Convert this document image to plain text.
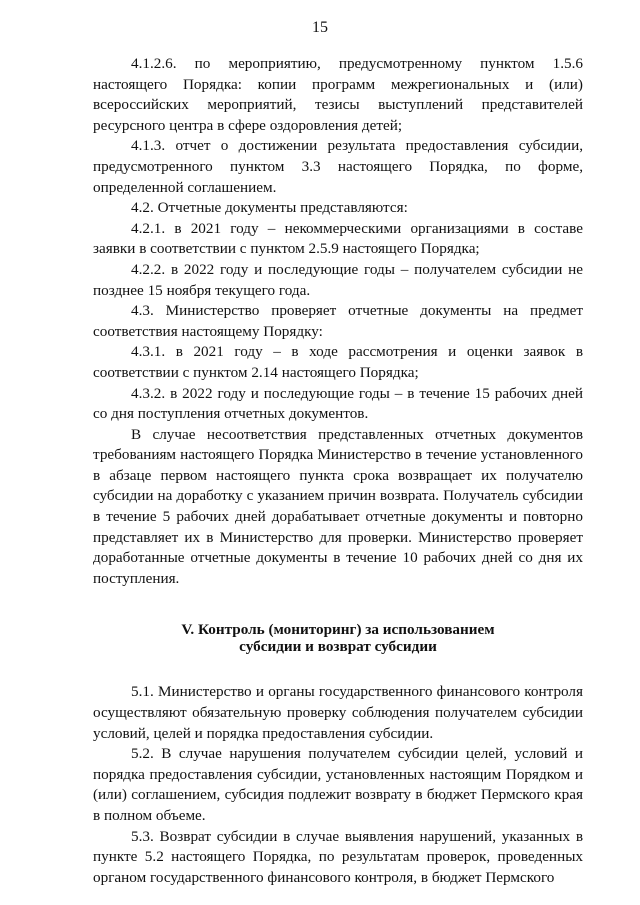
15

4.1.2.6. по мероприятию, предусмотренному пунктом 1.5.6 настоящего Порядка: копии программ межрегиональных и (или) всероссийских мероприятий, тезисы выступлений представителей ресурсного центра в сфере оздоровления детей;

4.1.3. отчет о достижении результата предоставления субсидии, предусмотренного пунктом 3.3 настоящего Порядка, по форме, определенной соглашением.

4.2. Отчетные документы представляются:

4.2.1. в 2021 году – некоммерческими организациями в составе заявки в соответствии с пунктом 2.5.9 настоящего Порядка;

4.2.2. в 2022 году и последующие годы – получателем субсидии не позднее 15 ноября текущего года.

4.3. Министерство проверяет отчетные документы на предмет соответствия настоящему Порядку:

4.3.1. в 2021 году – в ходе рассмотрения и оценки заявок в соответствии с пунктом 2.14 настоящего Порядка;

4.3.2. в 2022 году и последующие годы – в течение 15 рабочих дней со дня поступления отчетных документов.

В случае несоответствия представленных отчетных документов требованиям настоящего Порядка Министерство в течение установленного в абзаце первом настоящего пункта срока возвращает их получателю субсидии на доработку с указанием причин возврата. Получатель субсидии в течение 5 рабочих дней дорабатывает отчетные документы и повторно представляет их в Министерство для проверки. Министерство проверяет доработанные отчетные документы в течение 10 рабочих дней со дня их поступления.

V. Контроль (мониторинг) за использованием

субсидии и возврат субсидии

5.1. Министерство и органы государственного финансового контроля осуществляют обязательную проверку соблюдения получателем субсидии условий, целей и порядка предоставления субсидии.

5.2. В случае нарушения получателем субсидии целей, условий и порядка предоставления субсидии, установленных настоящим Порядком и (или) соглашением, субсидия подлежит возврату в бюджет Пермского края в полном объеме.

5.3. Возврат субсидии в случае выявления нарушений, указанных в пункте 5.2 настоящего Порядка, по результатам проверок, проведенных органом государственного финансового контроля, в бюджет Пермского
